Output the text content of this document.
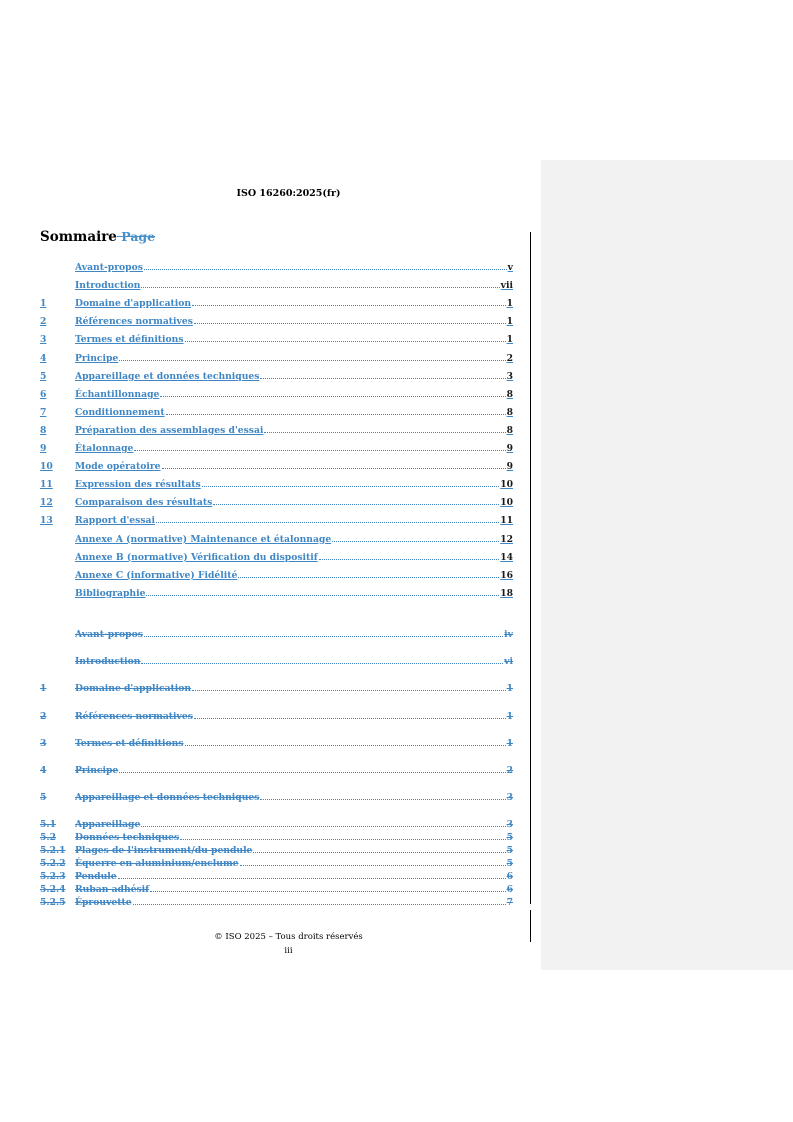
ISO 16260:2025(fr)
Sommaire Page
Avant-propos	v
Introduction	vii
1	Domaine d'application	1
2	Références normatives	1
3	Termes et définitions	1
4	Principe	2
5	Appareillage et données techniques	3
6	Échantillonnage	8
7	Conditionnement	8
8	Préparation des assemblages d'essai	8
9	Étalonnage	9
10	Mode opératoire	9
11	Expression des résultats	10
12	Comparaison des résultats	10
13	Rapport d'essai	11
Annexe A (normative) Maintenance et étalonnage	12
Annexe B (normative) Vérification du dispositif	14
Annexe C (informative) Fidélité	16
Bibliographie	18
Avant-propos	iv
Introduction	vi
1	Domaine d'application	1
2	Références normatives	1
3	Termes et définitions	1
4	Principe	2
5	Appareillage et données techniques	3
5.1	Appareillage	3
5.2	Données techniques	5
5.2.1	Plages de l'instrument/du pendule	5
5.2.2	Équerre en aluminium/enclume	5
5.2.3	Pendule	6
5.2.4	Ruban adhésif	6
5.2.5	Éprouvette	7
© ISO 2025 – Tous droits réservés
iii
